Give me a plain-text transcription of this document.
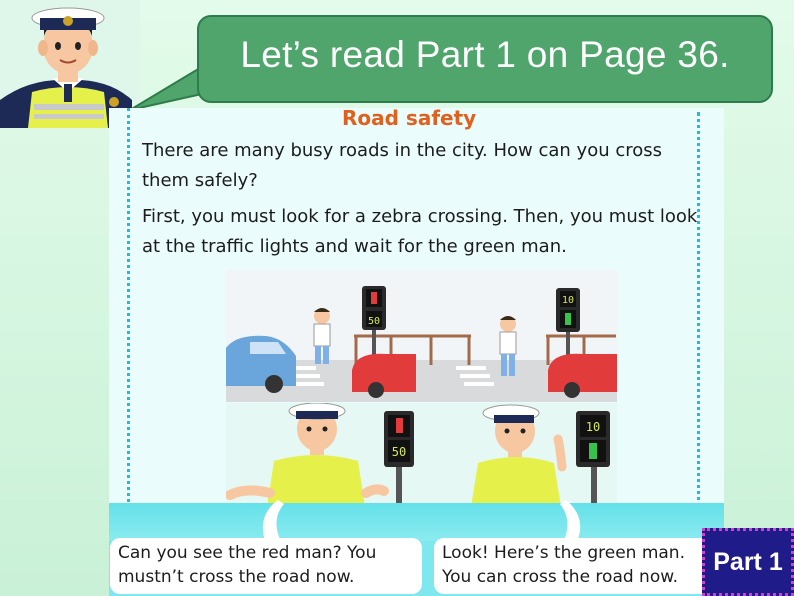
Let’s read Part 1 on Page 36.
Road safety
There are many busy roads in the city. How can you cross them safely?
First, you must look for a zebra crossing. Then, you must look at the traffic lights and wait for the green man.
50
10
50
10
Can you see the red man? You
mustn’t cross the road now.
Look! Here’s the green man.
You can cross the road now.
Part 1
